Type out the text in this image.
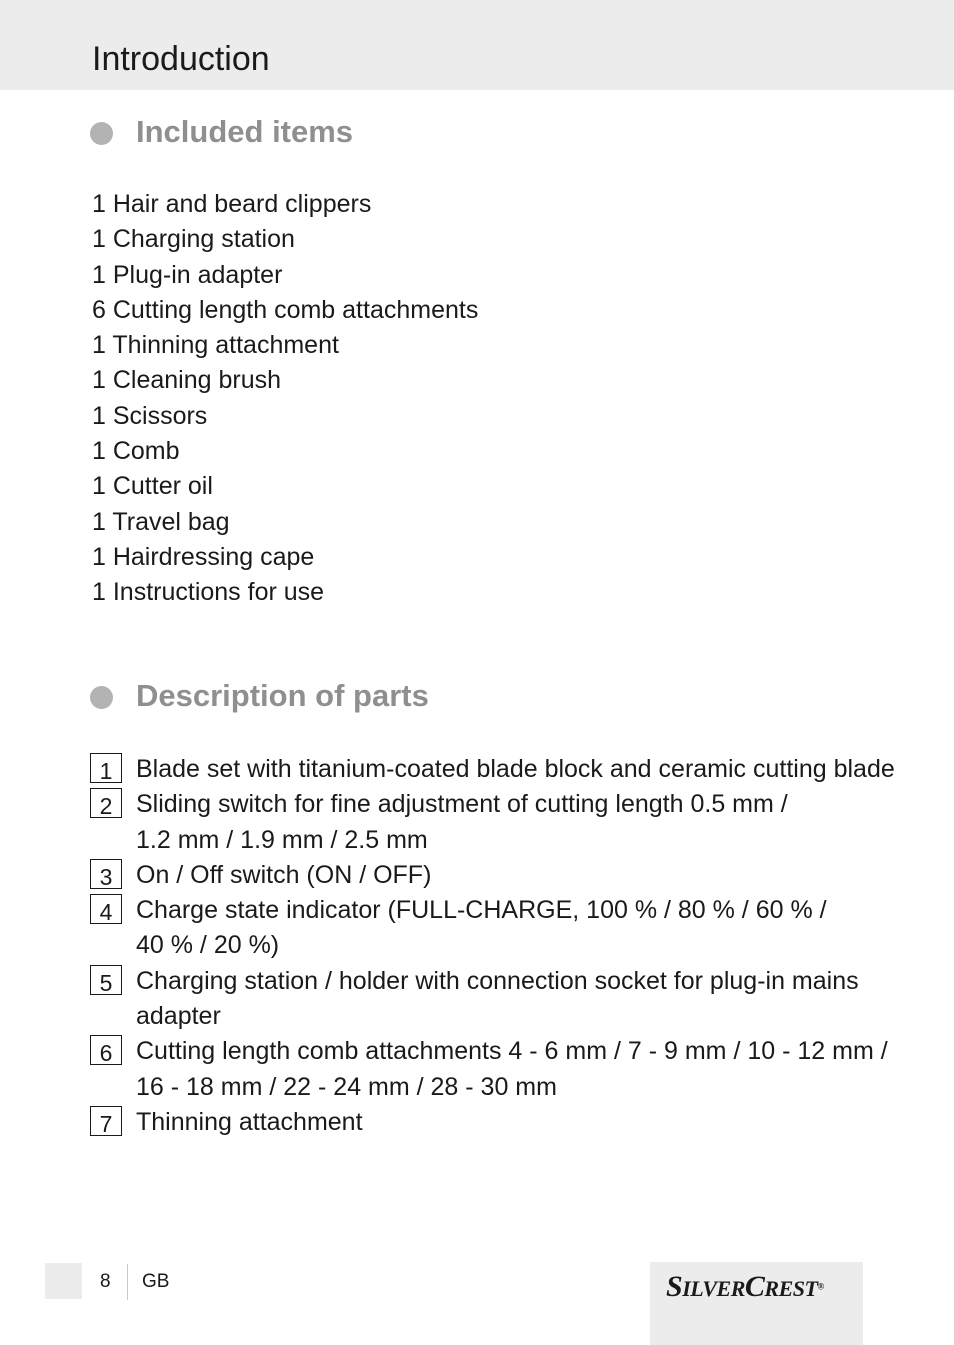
Introduction
Included items
1 Hair and beard clippers
1 Charging station
1 Plug-in adapter
6 Cutting length comb attachments
1 Thinning attachment
1 Cleaning brush
1 Scissors
1 Comb
1 Cutter oil
1 Travel bag
1 Hairdressing cape
1 Instructions for use
Description of parts
1 Blade set with titanium-coated blade block and ceramic cutting blade
2 Sliding switch for fine adjustment of cutting length 0.5 mm /
1.2 mm / 1.9 mm / 2.5 mm
3 On / Off switch (ON / OFF)
4 Charge state indicator (FULL-CHARGE, 100 % / 80 % / 60 % /
40 % / 20 %)
5 Charging station / holder with connection socket for plug-in mains
adapter
6 Cutting length comb attachments 4 - 6 mm / 7 - 9 mm / 10 - 12 mm /
16 - 18 mm / 22 - 24 mm / 28 - 30 mm
7 Thinning attachment
8 GB	SILVERCREST®
